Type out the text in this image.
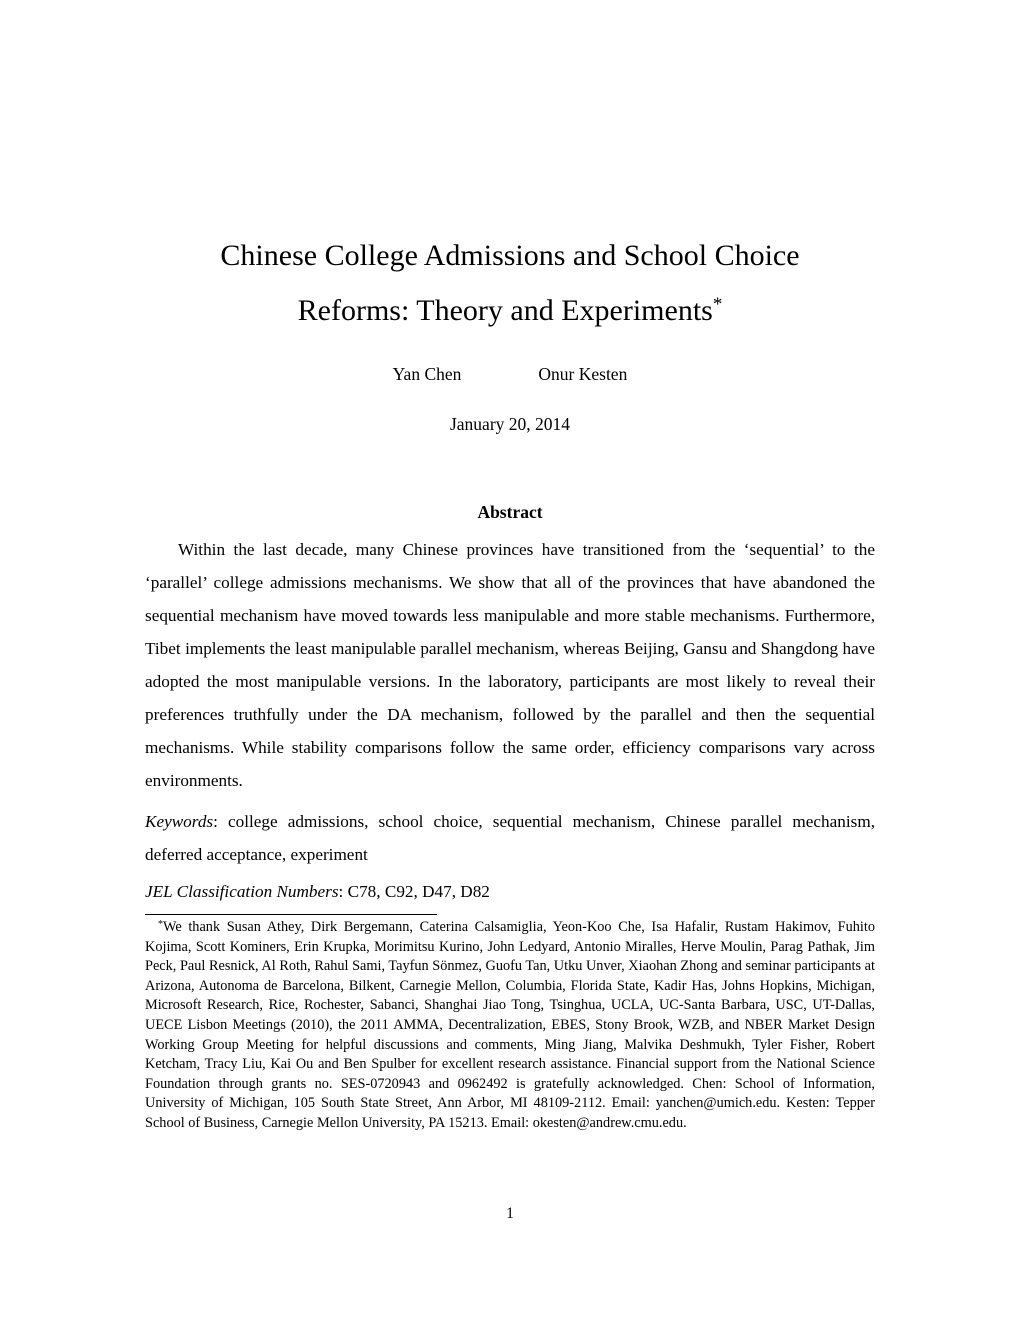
Chinese College Admissions and School Choice
Reforms: Theory and Experiments*
Yan Chen	Onur Kesten
January 20, 2014
Abstract

Within the last decade, many Chinese provinces have transitioned from the ‘sequential’ to the ‘parallel’ college admissions mechanisms. We show that all of the provinces that have abandoned the sequential mechanism have moved towards less manipulable and more stable mechanisms. Furthermore, Tibet implements the least manipulable parallel mechanism, whereas Beijing, Gansu and Shangdong have adopted the most manipulable versions. In the laboratory, participants are most likely to reveal their preferences truthfully under the DA mechanism, followed by the parallel and then the sequential mechanisms. While stability comparisons follow the same order, efficiency comparisons vary across environments.

Keywords: college admissions, school choice, sequential mechanism, Chinese parallel mechanism, deferred acceptance, experiment

JEL Classification Numbers: C78, C92, D47, D82

*We thank Susan Athey, Dirk Bergemann, Caterina Calsamiglia, Yeon-Koo Che, Isa Hafalir, Rustam Hakimov, Fuhito Kojima, Scott Kominers, Erin Krupka, Morimitsu Kurino, John Ledyard, Antonio Miralles, Herve Moulin, Parag Pathak, Jim Peck, Paul Resnick, Al Roth, Rahul Sami, Tayfun Sönmez, Guofu Tan, Utku Unver, Xiaohan Zhong and seminar participants at Arizona, Autonoma de Barcelona, Bilkent, Carnegie Mellon, Columbia, Florida State, Kadir Has, Johns Hopkins, Michigan, Microsoft Research, Rice, Rochester, Sabanci, Shanghai Jiao Tong, Tsinghua, UCLA, UC-Santa Barbara, USC, UT-Dallas, UECE Lisbon Meetings (2010), the 2011 AMMA, Decentralization, EBES, Stony Brook, WZB, and NBER Market Design Working Group Meeting for helpful discussions and comments, Ming Jiang, Malvika Deshmukh, Tyler Fisher, Robert Ketcham, Tracy Liu, Kai Ou and Ben Spulber for excellent research assistance. Financial support from the National Science Foundation through grants no. SES-0720943 and 0962492 is gratefully acknowledged. Chen: School of Information, University of Michigan, 105 South State Street, Ann Arbor, MI 48109-2112. Email: yanchen@umich.edu. Kesten: Tepper School of Business, Carnegie Mellon University, PA 15213. Email: okesten@andrew.cmu.edu.

1
